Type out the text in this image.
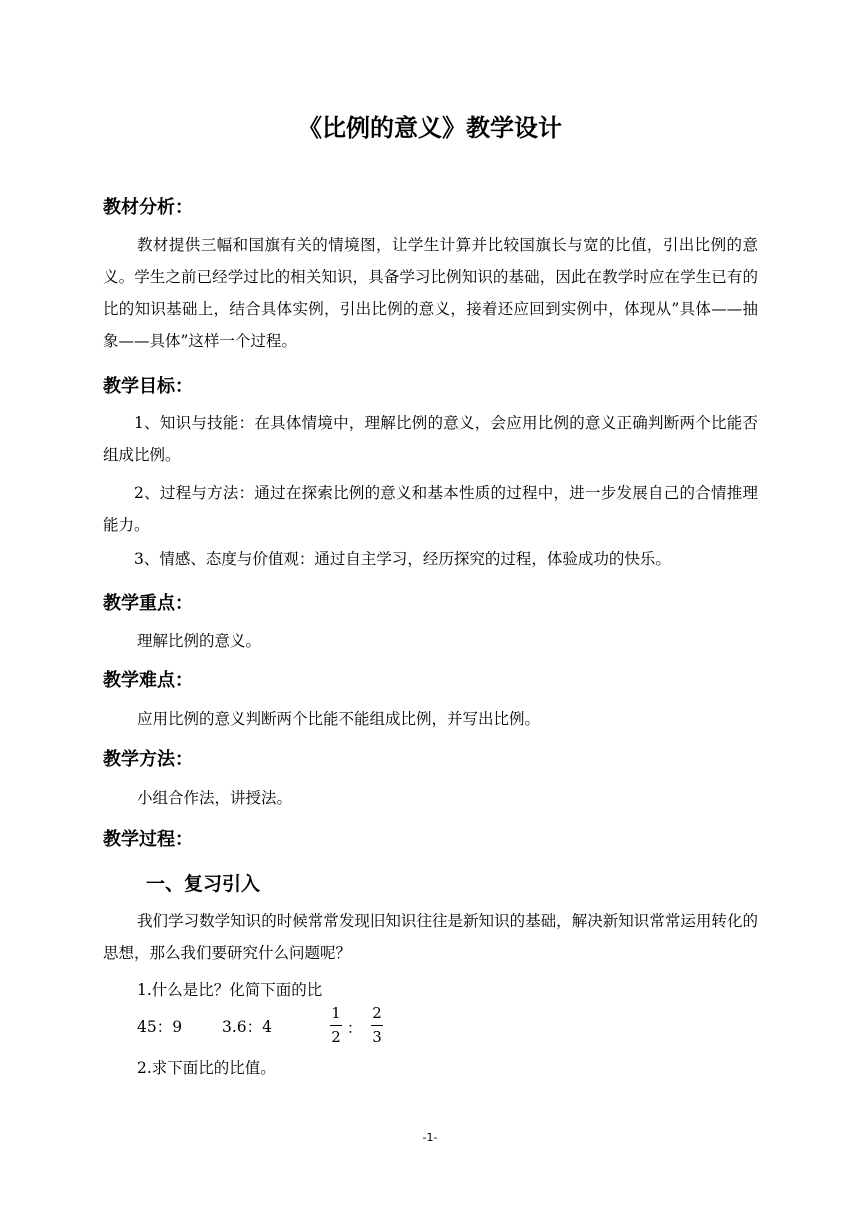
《比例的意义》教学设计
教材分析：
教材提供三幅和国旗有关的情境图，让学生计算并比较国旗长与宽的比值，引出比例的意义。学生之前已经学过比的相关知识，具备学习比例知识的基础，因此在教学时应在学生已有的比的知识基础上，结合具体实例，引出比例的意义，接着还应回到实例中，体现从”具体——抽象——具体”这样一个过程。
教学目标：
1、知识与技能：在具体情境中，理解比例的意义，会应用比例的意义正确判断两个比能否组成比例。
2、过程与方法：通过在探索比例的意义和基本性质的过程中，进一步发展自己的合情推理能力。
3、情感、态度与价值观：通过自主学习，经历探究的过程，体验成功的快乐。
教学重点：
理解比例的意义。
教学难点：
应用比例的意义判断两个比能不能组成比例，并写出比例。
教学方法：
小组合作法，讲授法。
教学过程：
一、复习引入
我们学习数学知识的时候常常发现旧知识往往是新知识的基础，解决新知识常常运用转化的思想，那么我们要研究什么问题呢？
1.什么是比？化简下面的比
45：9	3.6：4
1
2 ：
2
3
2.求下面比的比值。
-1-
